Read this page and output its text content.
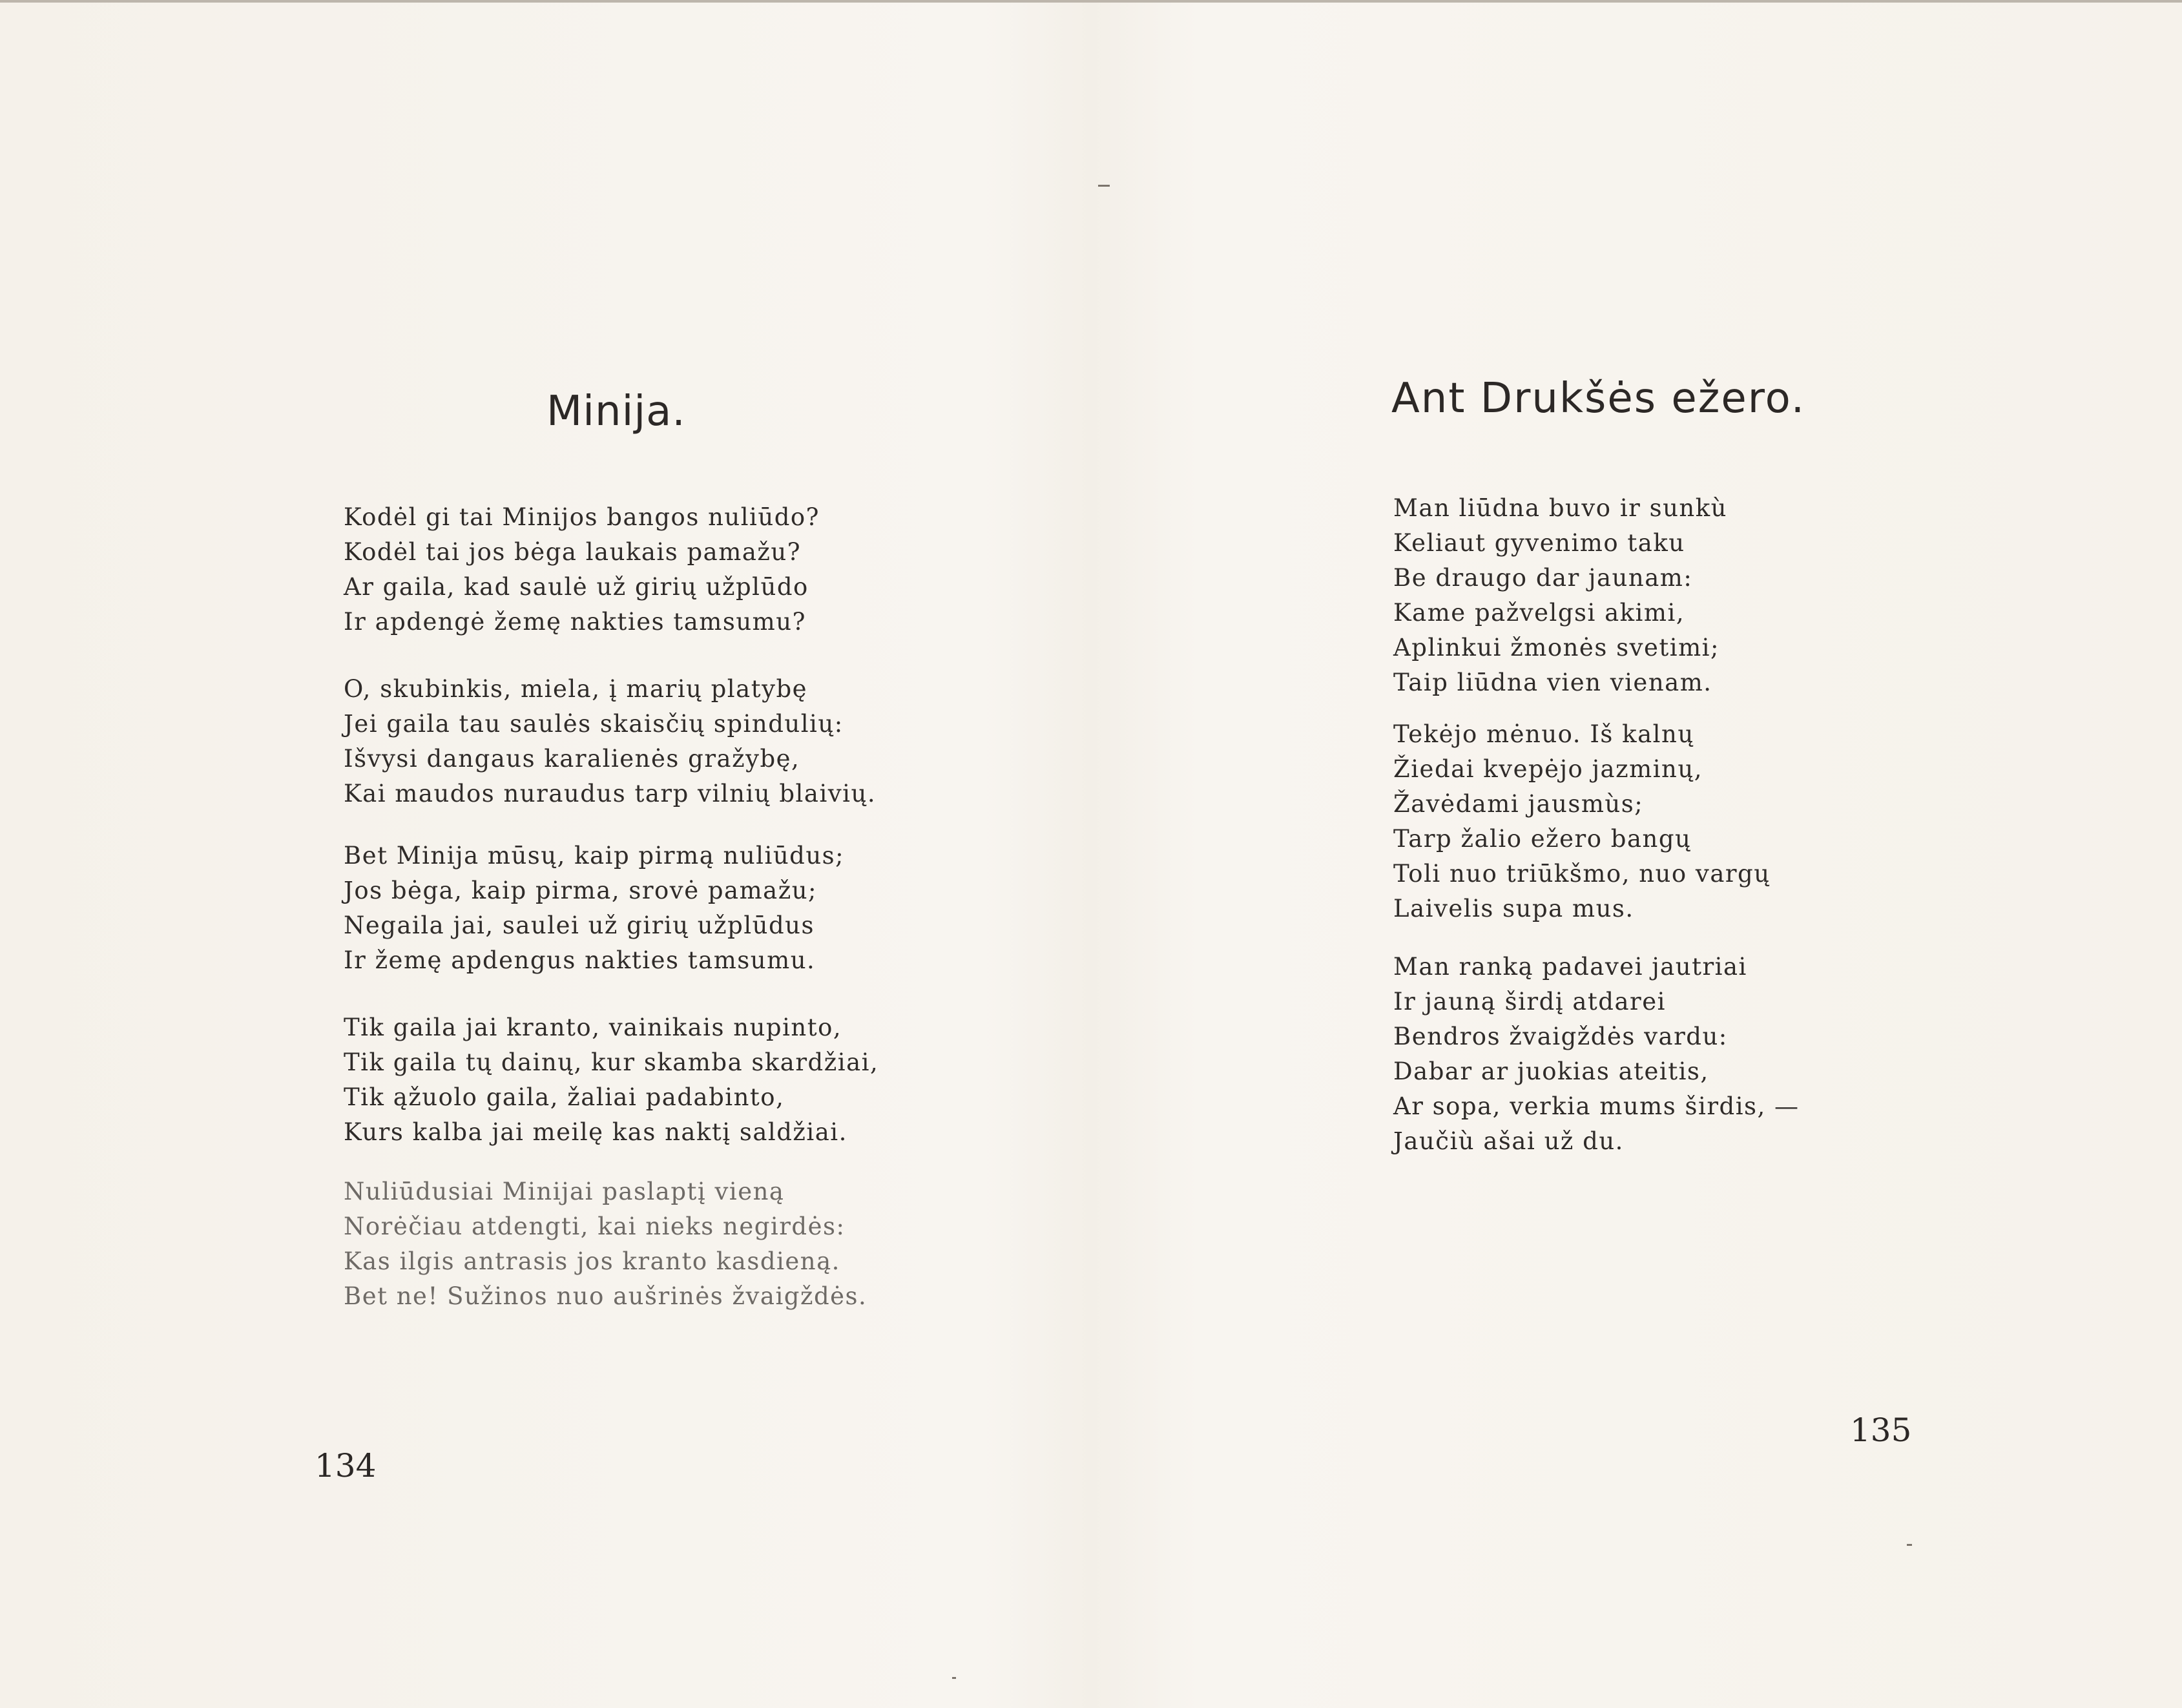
Minija.
Kodėl gi tai Minijos bangos nuliūdo?
Kodėl tai jos bėga laukais pamažu?
Ar gaila, kad saulė už girių užplūdo
Ir apdengė žemę nakties tamsumu?
O, skubinkis, miela, į marių platybę
Jei gaila tau saulės skaisčių spindulių:
Išvysi dangaus karalienės gražybę,
Kai maudos nuraudus tarp vilnių blaivių.
Bet Minija mūsų, kaip pirmą nuliūdus;
Jos bėga, kaip pirma, srovė pamažu;
Negaila jai, saulei už girių užplūdus
Ir žemę apdengus nakties tamsumu.
Tik gaila jai kranto, vainikais nupinto,
Tik gaila tų dainų, kur skamba skardžiai,
Tik ąžuolo gaila, žaliai padabinto,
Kurs kalba jai meilę kas naktį saldžiai.
Nuliūdusiai Minijai paslaptį vieną
Norėčiau atdengti, kai nieks negirdės:
Kas ilgis antrasis jos kranto kasdieną.
Bet ne! Sužinos nuo aušrinės žvaigždės.
134
Ant Drukšės ežero.
Man liūdna buvo ir sunkù
Keliaut gyvenimo taku
Be draugo dar jaunam:
Kame pažvelgsi akimi,
Aplinkui žmonės svetimi;
Taip liūdna vien vienam.
Tekėjo mėnuo. Iš kalnų
Žiedai kvepėjo jazminų,
Žavėdami jausmùs;
Tarp žalio ežero bangų
Toli nuo triūkšmo, nuo vargų
Laivelis supa mus.
Man ranką padavei jautriai
Ir jauną širdį atdarei
Bendros žvaigždės vardu:
Dabar ar juokias ateitis,
Ar sopa, verkia mums širdis, —
Jaučiù ašai už du.
135
